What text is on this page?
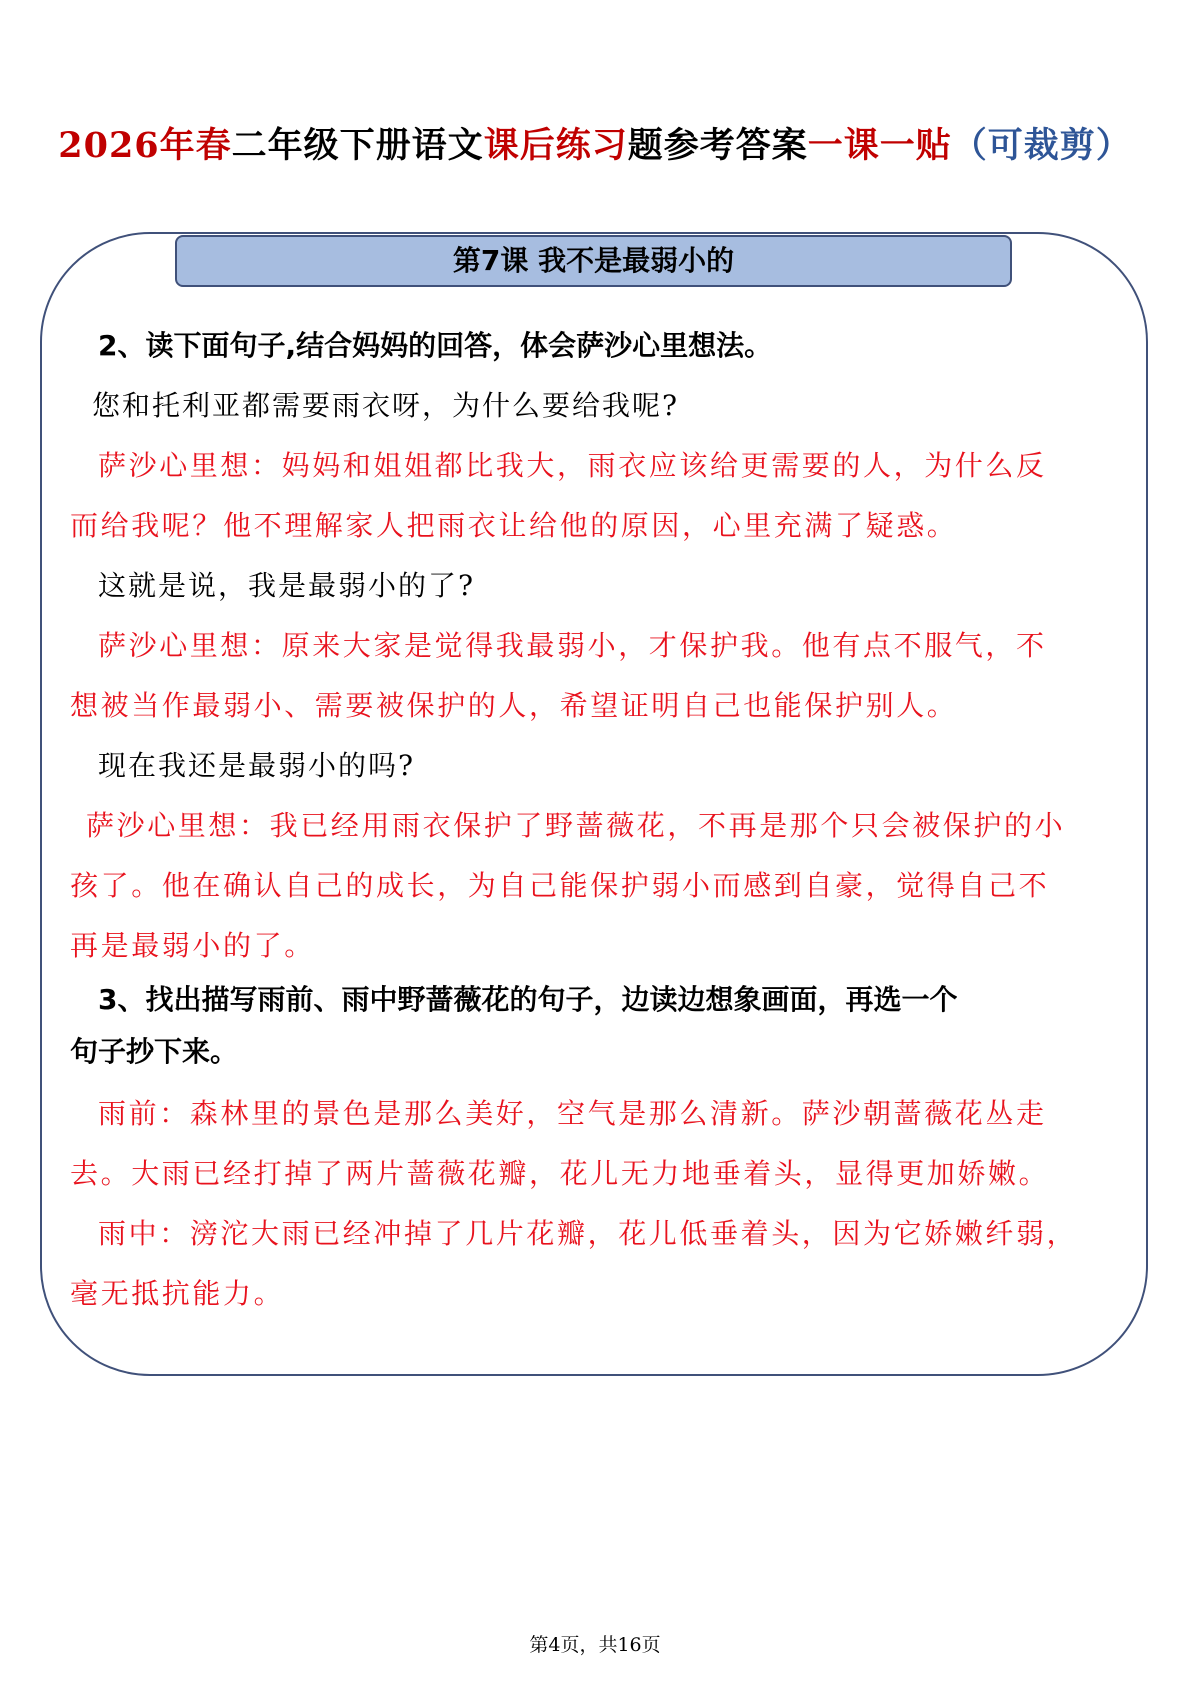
2026年春二年级下册语文课后练习题参考答案一课一贴（可裁剪）
第7课 我不是最弱小的
2、读下面句子,结合妈妈的回答，体会萨沙心里想法。
您和托利亚都需要雨衣呀，为什么要给我呢?
萨沙心里想：妈妈和姐姐都比我大，雨衣应该给更需要的人，为什么反
而给我呢？他不理解家人把雨衣让给他的原因，心里充满了疑惑。
这就是说，我是最弱小的了?
萨沙心里想：原来大家是觉得我最弱小，才保护我。他有点不服气，不
想被当作最弱小、需要被保护的人，希望证明自己也能保护别人。
现在我还是最弱小的吗?
萨沙心里想：我已经用雨衣保护了野蔷薇花，不再是那个只会被保护的小
孩了。他在确认自己的成长，为自己能保护弱小而感到自豪，觉得自己不
再是最弱小的了。
3、找出描写雨前、雨中野蔷薇花的句子，边读边想象画面，再选一个
句子抄下来。
雨前：森林里的景色是那么美好，空气是那么清新。萨沙朝蔷薇花丛走
去。大雨已经打掉了两片蔷薇花瓣，花儿无力地垂着头，显得更加娇嫩。
雨中：滂沱大雨已经冲掉了几片花瓣，花儿低垂着头，因为它娇嫩纤弱，
毫无抵抗能力。
第4页，共16页
